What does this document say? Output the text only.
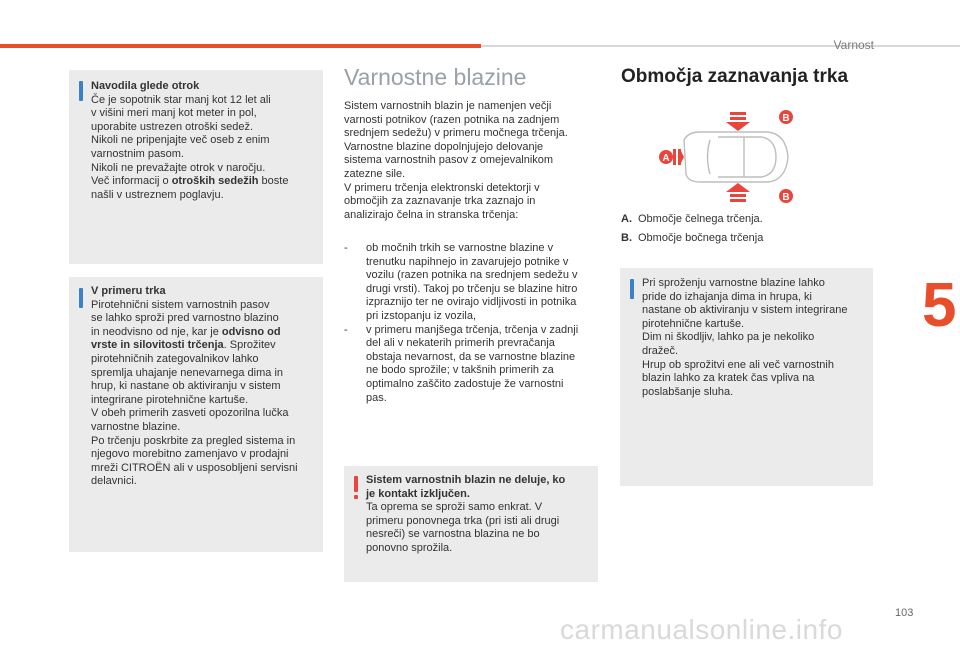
Varnost
Navodila glede otrok
Če je sopotnik star manj kot 12 let ali
v višini meri manj kot meter in pol,
uporabite ustrezen otroški sedež.
Nikoli ne pripenjajte več oseb z enim
varnostnim pasom.
Nikoli ne prevažajte otrok v naročju.
Več informacij o otroških sedežih boste
našli v ustreznem poglavju.
V primeru trka
Pirotehnični sistem varnostnih pasov
se lahko sproži pred varnostno blazino
in neodvisno od nje, kar je odvisno od
vrste in silovitosti trčenja. Sprožitev
pirotehničnih zategovalnikov lahko
spremlja uhajanje nenevarnega dima in
hrup, ki nastane ob aktiviranju v sistem
integrirane pirotehnične kartuše.
V obeh primerih zasveti opozorilna lučka
varnostne blazine.
Po trčenju poskrbite za pregled sistema in
njegovo morebitno zamenjavo v prodajni
mreži CITROËN ali v usposobljeni servisni
delavnici.
Varnostne blazine
Sistem varnostnih blazin je namenjen večji
varnosti potnikov (razen potnika na zadnjem
srednjem sedežu) v primeru močnega trčenja.
Varnostne blazine dopolnjujejo delovanje
sistema varnostnih pasov z omejevalnikom
zatezne sile.
V primeru trčenja elektronski detektorji v
območjih za zaznavanje trka zaznajo in
analizirajo čelna in stranska trčenja:
- ob močnih trkih se varnostne blazine v
trenutku napihnejo in zavarujejo potnike v
vozilu (razen potnika na srednjem sedežu v
drugi vrsti). Takoj po trčenju se blazine hitro
izpraznijo ter ne ovirajo vidljivosti in potnika
pri izstopanju iz vozila,
- v primeru manjšega trčenja, trčenja v zadnji
del ali v nekaterih primerih prevračanja
obstaja nevarnost, da se varnostne blazine
ne bodo sprožile; v takšnih primerih za
optimalno zaščito zadostuje že varnostni
pas.
Sistem varnostnih blazin ne deluje, ko
je kontakt izključen.
Ta oprema se sproži samo enkrat. V
primeru ponovnega trka (pri isti ali drugi
nesreči) se varnostna blazina ne bo
ponovno sprožila.
Območja zaznavanja trka
B
A
B
A. Območje čelnega trčenja.
B. Območje bočnega trčenja
Pri sproženju varnostne blazine lahko
pride do izhajanja dima in hrupa, ki
nastane ob aktiviranju v sistem integrirane
pirotehnične kartuše.
Dim ni škodljiv, lahko pa je nekoliko
dražeč.
Hrup ob sprožitvi ene ali več varnostnih
blazin lahko za kratek čas vpliva na
poslabšanje sluha.
5
carmanualsonline.info
103
